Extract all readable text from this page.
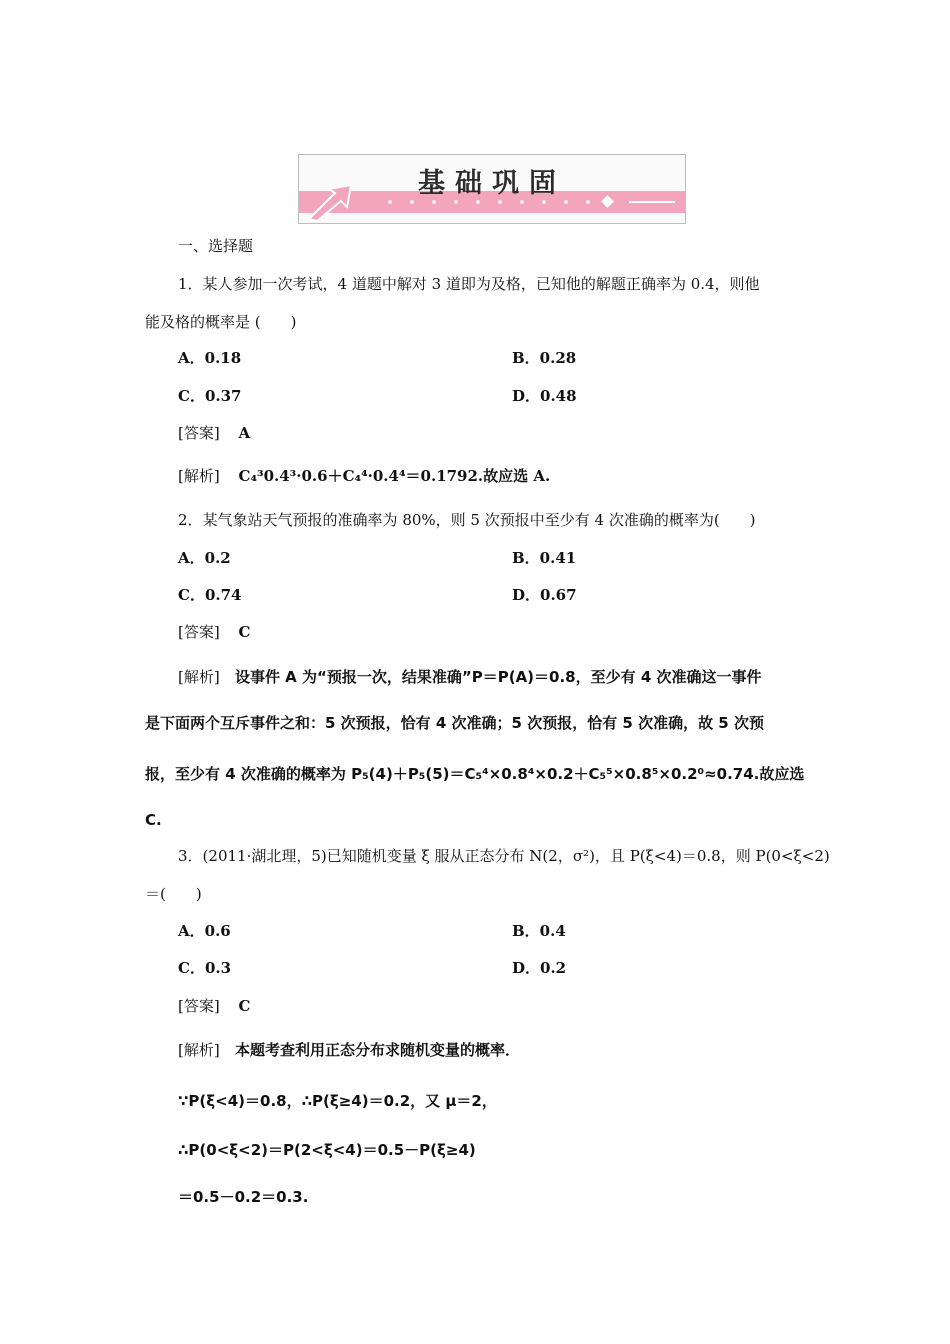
基础巩固
一、选择题
1．某人参加一次考试，4 道题中解对 3 道即为及格，已知他的解题正确率为 0.4，则他
能及格的概率是 (　　)
A．0.18	B．0.28
C．0.37	D．0.48
[答案] A
[解析] C₄³0.4³·0.6＋C₄⁴·0.4⁴＝0.1792.故应选 A.
2．某气象站天气预报的准确率为 80%，则 5 次预报中至少有 4 次准确的概率为(　　)
A．0.2	B．0.41
C．0.74	D．0.67
[答案] C
[解析] 设事件 A 为“预报一次，结果准确”P＝P(A)＝0.8，至少有 4 次准确这一事件
是下面两个互斥事件之和：5 次预报，恰有 4 次准确；5 次预报，恰有 5 次准确，故 5 次预
报，至少有 4 次准确的概率为 P₅(4)＋P₅(5)＝C₅⁴×0.8⁴×0.2＋C₅⁵×0.8⁵×0.2⁰≈0.74.故应选
C.
3．(2011·湖北理，5)已知随机变量 ξ 服从正态分布 N(2，σ²)，且 P(ξ<4)＝0.8，则 P(0<ξ<2)
＝(　　)
A．0.6	B．0.4
C．0.3	D．0.2
[答案] C
[解析] 本题考查利用正态分布求随机变量的概率．
∵P(ξ<4)＝0.8，∴P(ξ≥4)＝0.2，又 μ＝2，
∴P(0<ξ<2)＝P(2<ξ<4)＝0.5－P(ξ≥4)
＝0.5－0.2＝0.3.
